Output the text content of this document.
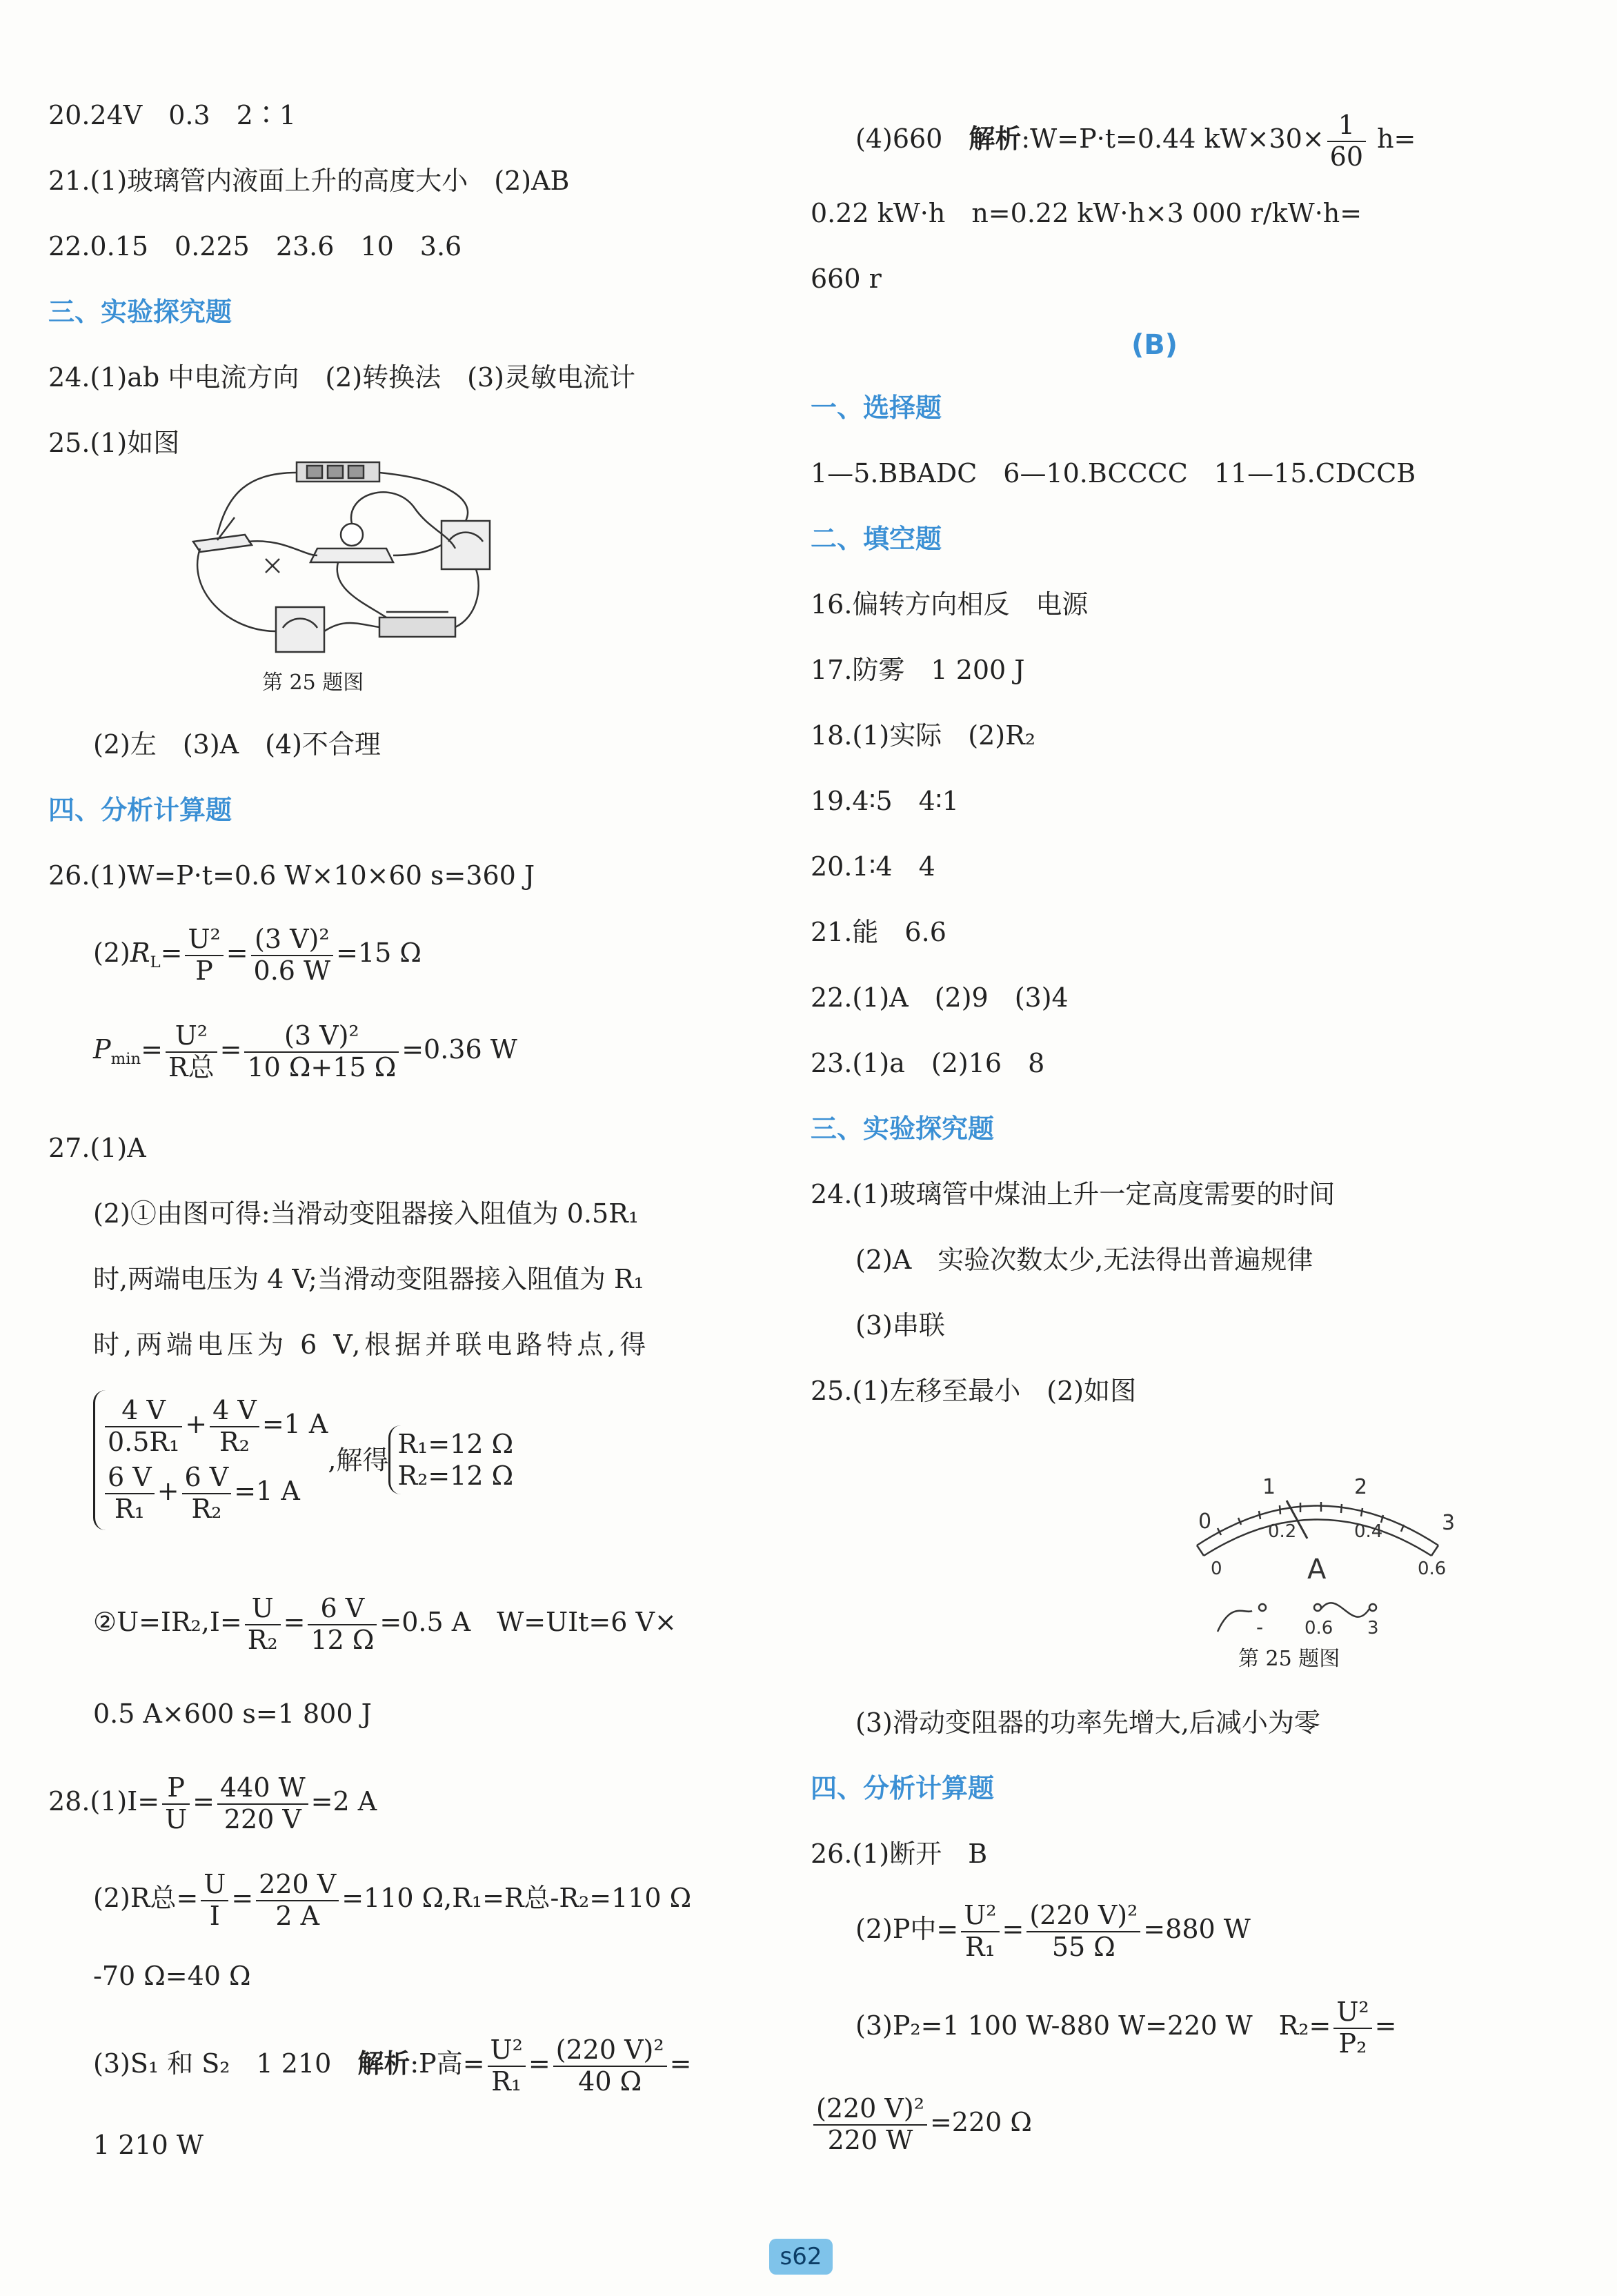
20.24V　0.3　2∶1
21.(1)玻璃管内液面上升的高度大小　(2)AB
22.0.15　0.225　23.6　10　3.6
三、实验探究题
24.(1)ab 中电流方向　(2)转换法　(3)灵敏电流计
25.(1)如图
第 25 题图
(2)左　(3)A　(4)不合理
四、分析计算题
26.(1)W=P·t=0.6 W×10×60 s=360 J
$(2)R_L= \frac{\text{U²}}{P} = \frac{\text{(3 V)²}}{0.6 W} =15$ Ω
$P_{min}= \frac{\text{U²}}{\text{R总}} = \frac{\text{(3 V)²}}{10 \Omega+15 \Omega} =0.36$ W
27.(1)A
(2)①由图可得:当滑动变阻器接入阻值为 0.5R₁
时,两端电压为 4 V;当滑动变阻器接入阻值为 R₁
时,两端电压为 6 V,根据并联电路特点,得
$\frac{4 V}{\text{0.5R₁}} + \frac{4 V}{\text{R₂}} =1$ A
$\frac{6 V}{\text{R₁}} + \frac{6 V}{\text{R₂}} =1$ A
,解得
R₁=12 Ω
R₂=12 Ω
②U=IR₂,I= $\frac{U}{\text{R₂}} = \frac{6 V}{12 \Omega} =0.5$ A　W=UIt=6 V×
0.5 A×600 s=1 800 J
$28.(1)I= \frac{P}{U} = \frac{440 W}{220 V} =2$ A
(2)R总= $\frac{U}{I} = \frac{220 V}{2 A} =110$ Ω,R₁=R总-R₂=110 Ω
-70 Ω=40 Ω
(3)S₁ 和 S₂　1 210　解析:P高= $\frac{\text{U²}}{\text{R₁}} = \frac{\text{(220 V)²}}{40 \Omega}$ =
1 210 W
(4)660　解析:W=P·t=0.44 $kW\times 30\times \frac{1}{60} h=$
0.22 kW·h　n=0.22 kW·h×3 000 r/kW·h=
660 r
(B)
一、选择题
1—5.BBADC　6—10.BCCCC　11—15.CDCCB
二、填空题
16.偏转方向相反　电源
17.防雾　1 200 J
18.(1)实际　(2)R₂
19.4∶5　4∶1
20.1∶4　4
21.能　6.6
22.(1)A　(2)9　(3)4
23.(1)a　(2)16　8
三、实验探究题
24.(1)玻璃管中煤油上升一定高度需要的时间
(2)A　实验次数太少,无法得出普遍规律
(3)串联
25.(1)左移至最小　(2)如图
0
1	2
3
0
0.2	0.4
0.6
A
- 0.6 3
第 25 题图
(3)滑动变阻器的功率先增大,后减小为零
四、分析计算题
26.(1)断开　B
(2)P中= $\frac{\text{U²}}{\text{R₁}} = \frac{\text{(220 V)²}}{55 \Omega} =880$ W
(3)P₂=1 100 W-880 W=220 W　$R_2= \frac{\text{U²}}{\text{P₂}}$ =
$\frac{\text{(220 V)²}}{220 W} =220$ Ω
s62
